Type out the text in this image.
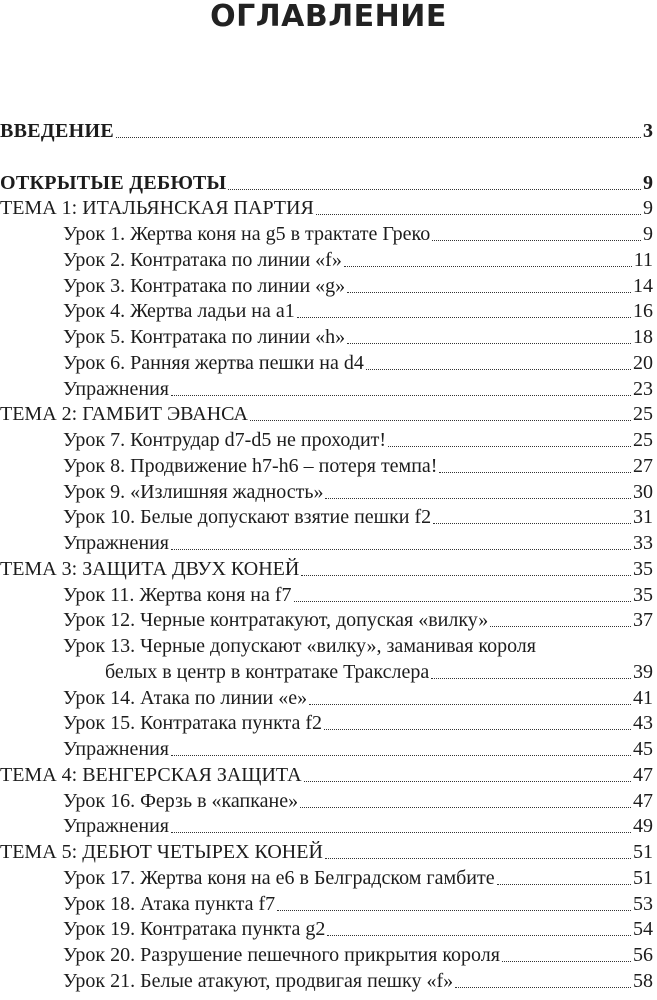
ОГЛАВЛЕНИЕ
ВВЕДЕНИЕ	3
ОТКРЫТЫЕ ДЕБЮТЫ	9
ТЕМА 1: ИТАЛЬЯНСКАЯ ПАРТИЯ	9
Урок 1. Жертва коня на g5 в трактате Греко	9
Урок 2. Контратака по линии «f»	11
Урок 3. Контратака по линии «g»	14
Урок 4. Жертва ладьи на a1	16
Урок 5. Контратака по линии «h»	18
Урок 6. Ранняя жертва пешки на d4	20
Упражнения	23
ТЕМА 2: ГАМБИТ ЭВАНСА	25
Урок 7. Контрудар d7-d5 не проходит!	25
Урок 8. Продвижение h7-h6 – потеря темпа!	27
Урок 9. «Излишняя жадность»	30
Урок 10. Белые допускают взятие пешки f2	31
Упражнения	33
ТЕМА 3: ЗАЩИТА ДВУХ КОНЕЙ	35
Урок 11. Жертва коня на f7	35
Урок 12. Черные контратакуют, допуская «вилку»	37
Урок 13. Черные допускают «вилку», заманивая короля
белых в центр в контратаке Тракслера	39
Урок 14. Атака по линии «е»	41
Урок 15. Контратака пункта f2	43
Упражнения	45
ТЕМА 4: ВЕНГЕРСКАЯ ЗАЩИТА	47
Урок 16. Ферзь в «капкане»	47
Упражнения	49
ТЕМА 5: ДЕБЮТ ЧЕТЫРЕХ КОНЕЙ	51
Урок 17. Жертва коня на e6 в Белградском гамбите	51
Урок 18. Атака пункта f7	53
Урок 19. Контратака пункта g2	54
Урок 20. Разрушение пешечного прикрытия короля	56
Урок 21. Белые атакуют, продвигая пешку «f»	58
